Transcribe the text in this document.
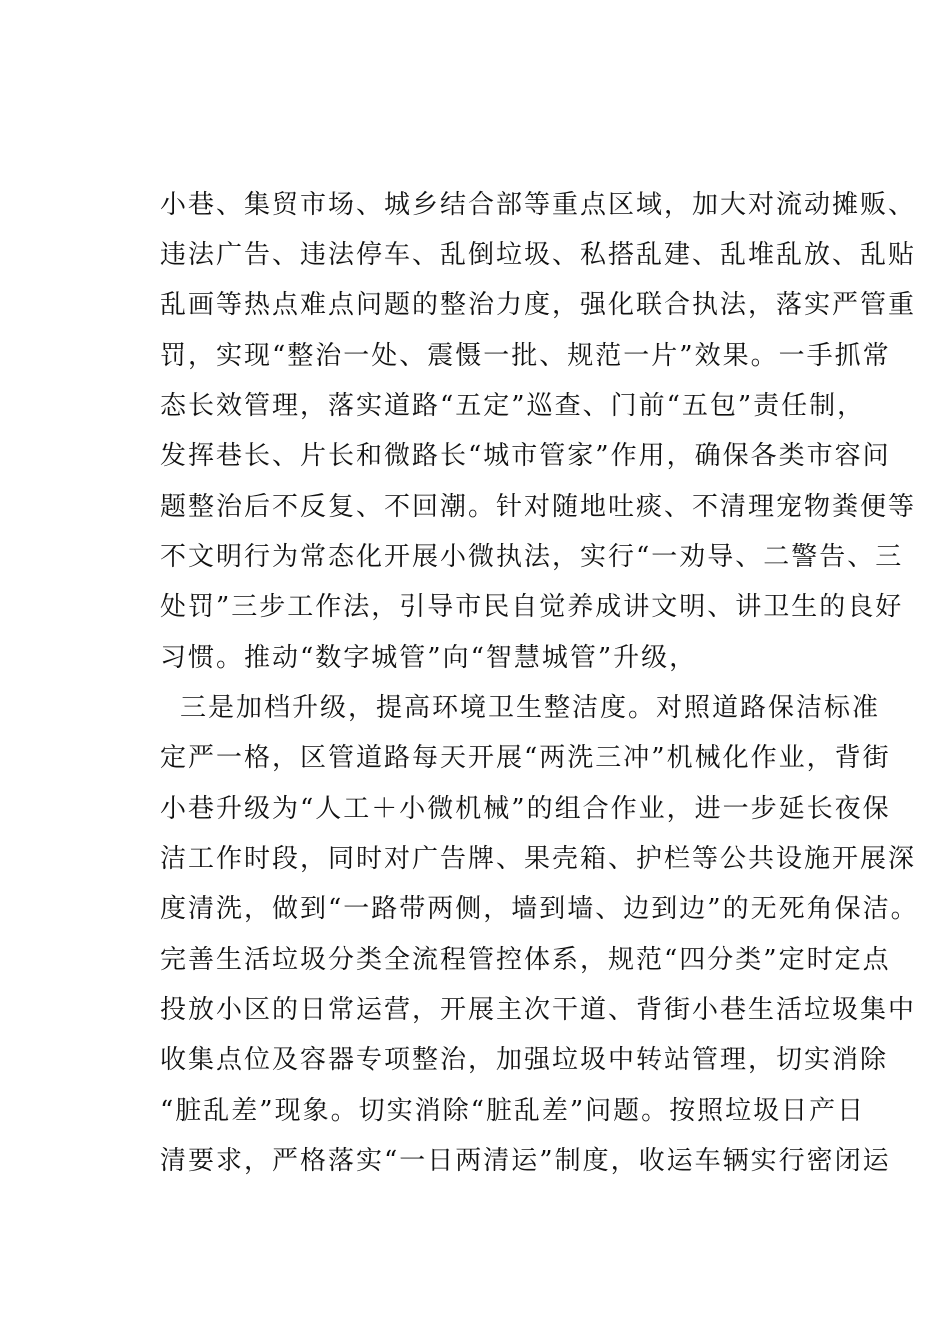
小巷、集贸市场、城乡结合部等重点区域，加大对流动摊贩、
违法广告、违法停车、乱倒垃圾、私搭乱建、乱堆乱放、乱贴
乱画等热点难点问题的整治力度，强化联合执法，落实严管重
罚，实现“整治一处、震慑一批、规范一片”效果。一手抓常
态长效管理，落实道路“五定”巡查、门前“五包”责任制，
发挥巷长、片长和微路长“城市管家”作用，确保各类市容问
题整治后不反复、不回潮。针对随地吐痰、不清理宠物粪便等
不文明行为常态化开展小微执法，实行“一劝导、二警告、三
处罚”三步工作法，引导市民自觉养成讲文明、讲卫生的良好
习惯。推动“数字城管”向“智慧城管”升级，
三是加档升级，提高环境卫生整洁度。对照道路保洁标准
定严一格，区管道路每天开展“两洗三冲”机械化作业，背街
小巷升级为“人工＋小微机械”的组合作业，进一步延长夜保
洁工作时段，同时对广告牌、果壳箱、护栏等公共设施开展深
度清洗，做到“一路带两侧，墙到墙、边到边”的无死角保洁。
完善生活垃圾分类全流程管控体系，规范“四分类”定时定点
投放小区的日常运营，开展主次干道、背街小巷生活垃圾集中
收集点位及容器专项整治，加强垃圾中转站管理，切实消除
“脏乱差”现象。切实消除“脏乱差”问题。按照垃圾日产日
清要求，严格落实“一日两清运”制度，收运车辆实行密闭运
